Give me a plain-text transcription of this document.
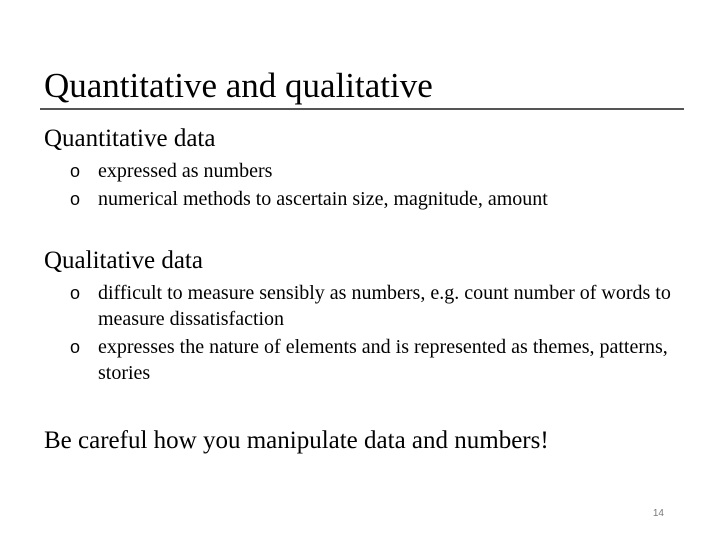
Quantitative and qualitative
Quantitative data
o expressed as numbers
o numerical methods to ascertain size, magnitude, amount
Qualitative data
o difficult to measure sensibly as numbers, e.g. count number of words to measure dissatisfaction
o expresses the nature of elements and is represented as themes, patterns, stories
Be careful how you manipulate data and numbers!
14
